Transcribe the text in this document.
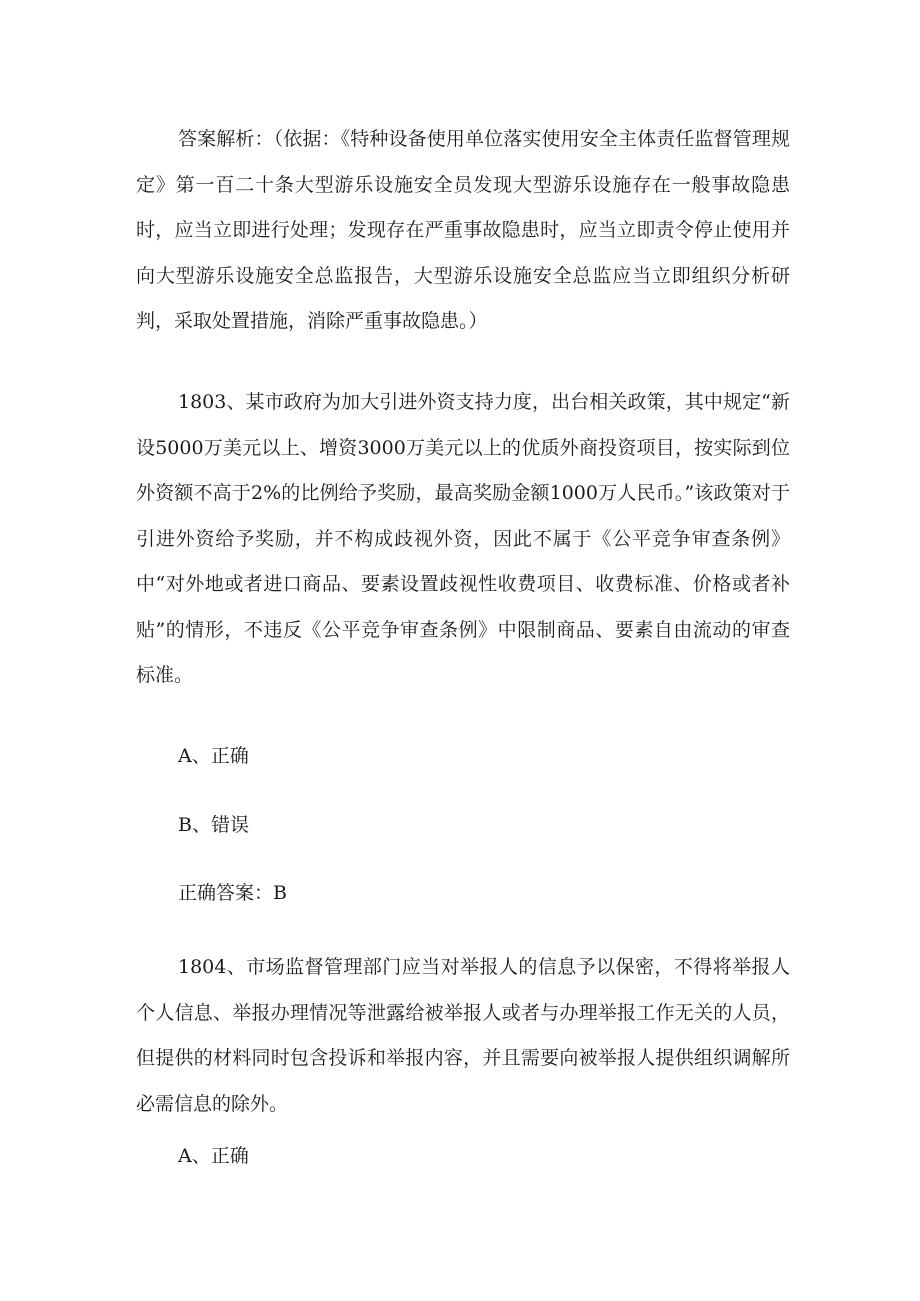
答案解析：（依据：《特种设备使用单位落实使用安全主体责任监督管理规定》第一百二十条大型游乐设施安全员发现大型游乐设施存在一般事故隐患时，应当立即进行处理；发现存在严重事故隐患时，应当立即责令停止使用并向大型游乐设施安全总监报告，大型游乐设施安全总监应当立即组织分析研判，采取处置措施，消除严重事故隐患。）

1803、某市政府为加大引进外资支持力度，出台相关政策，其中规定“新设5000万美元以上、增资3000万美元以上的优质外商投资项目，按实际到位外资额不高于2%的比例给予奖励，最高奖励金额1000万人民币。”该政策对于引进外资给予奖励，并不构成歧视外资，因此不属于《公平竞争审查条例》中“对外地或者进口商品、要素设置歧视性收费项目、收费标准、价格或者补贴”的情形，不违反《公平竞争审查条例》中限制商品、要素自由流动的审查标准。

A、正确

B、错误

正确答案：B

1804、市场监督管理部门应当对举报人的信息予以保密，不得将举报人个人信息、举报办理情况等泄露给被举报人或者与办理举报工作无关的人员，但提供的材料同时包含投诉和举报内容，并且需要向被举报人提供组织调解所必需信息的除外。

A、正确
